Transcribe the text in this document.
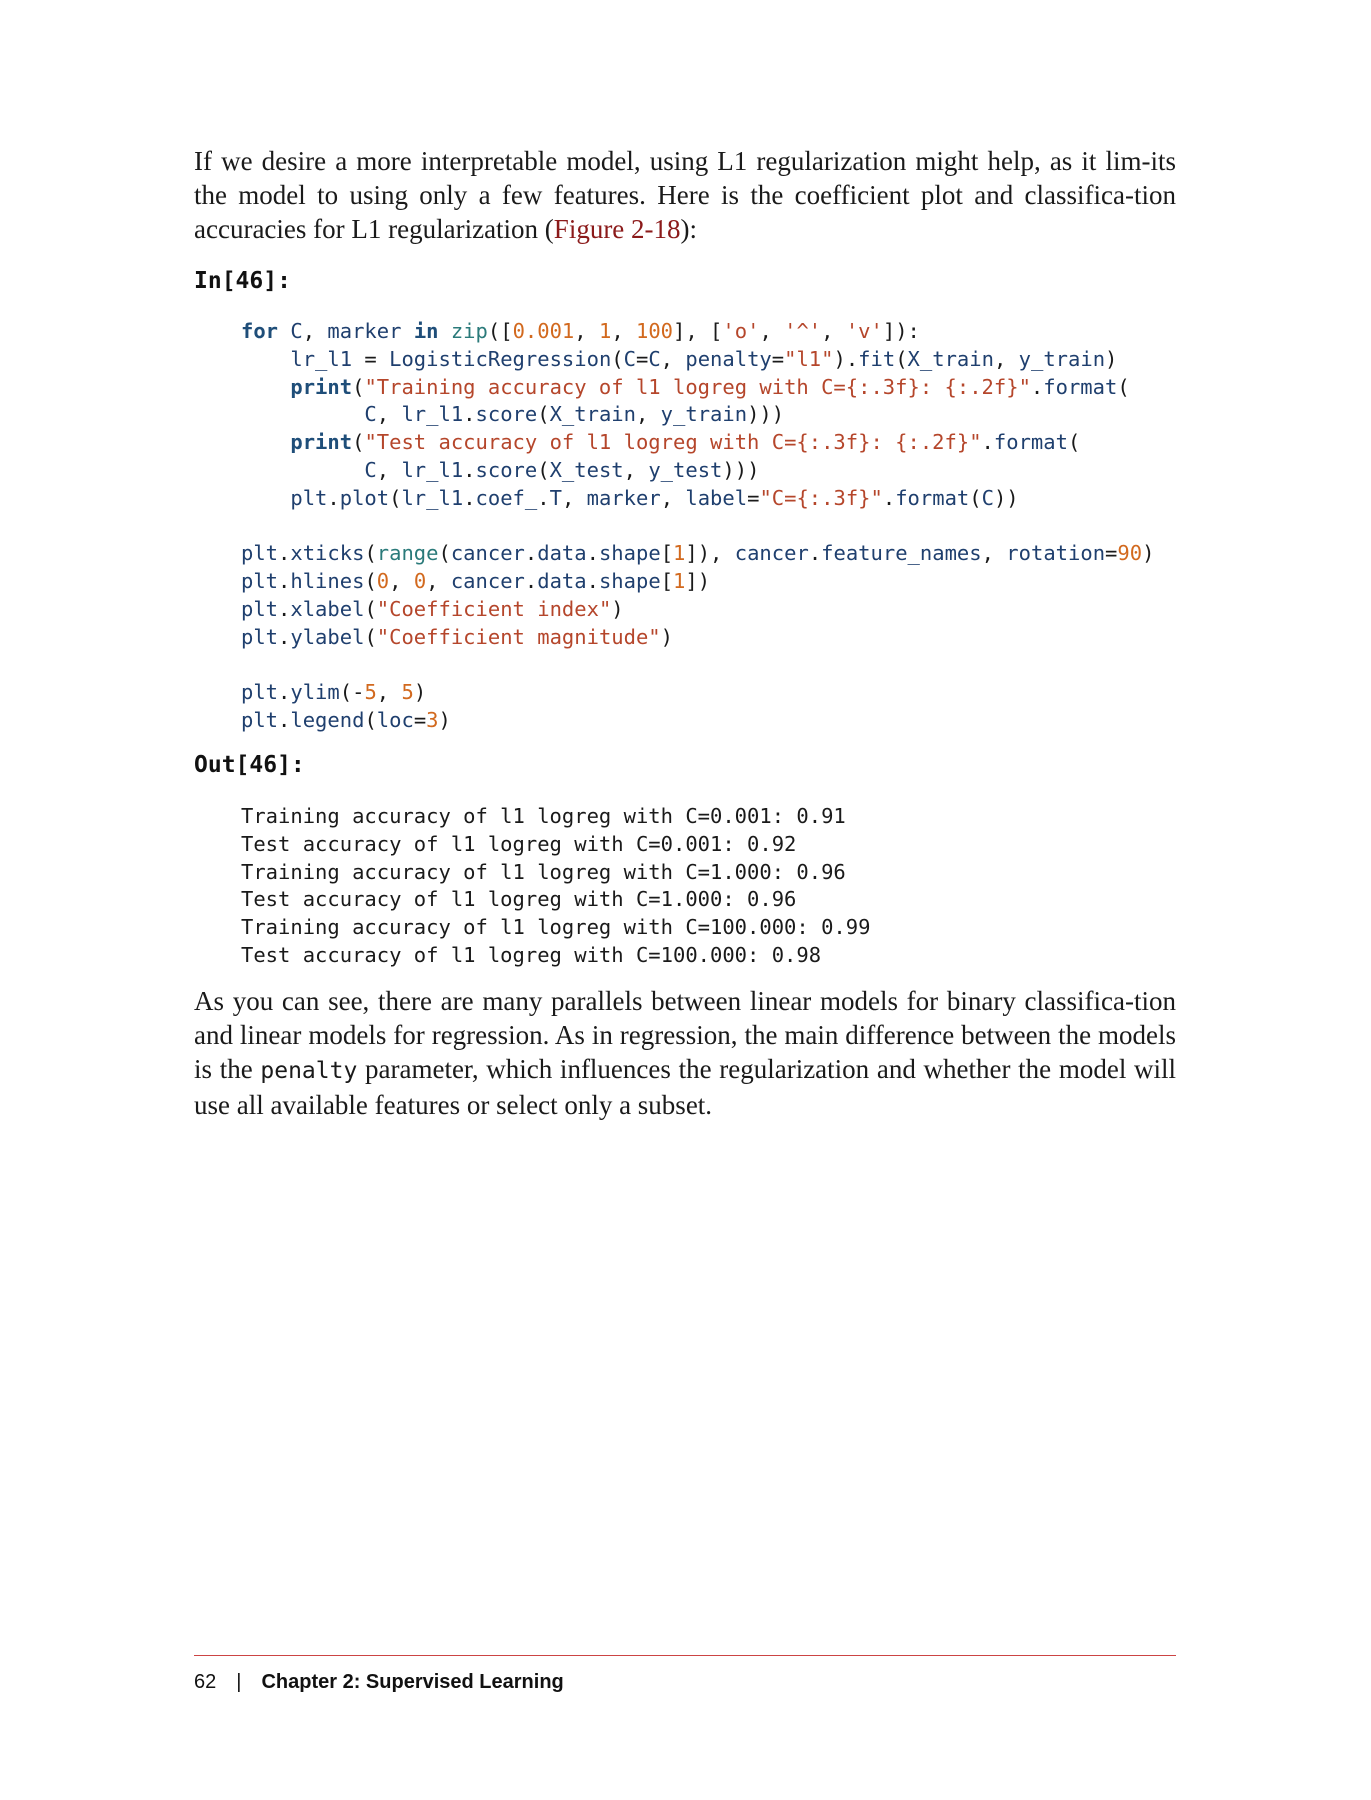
If we desire a more interpretable model, using L1 regularization might help, as it lim-its the model to using only a few features. Here is the coefficient plot and classifica-tion accuracies for L1 regularization (Figure 2-18):

In[46]:
for C, marker in zip([0.001, 1, 100], ['o', '^', 'v']):
lr_l1 = LogisticRegression(C=C, penalty="l1").fit(X_train, y_train)
print("Training accuracy of l1 logreg with C={:.3f}: {:.2f}".format(
C, lr_l1.score(X_train, y_train)))
print("Test accuracy of l1 logreg with C={:.3f}: {:.2f}".format(
C, lr_l1.score(X_test, y_test)))
plt.plot(lr_l1.coef_.T, marker, label="C={:.3f}".format(C))

plt.xticks(range(cancer.data.shape[1]), cancer.feature_names, rotation=90)
plt.hlines(0, 0, cancer.data.shape[1])
plt.xlabel("Coefficient index")
plt.ylabel("Coefficient magnitude")

plt.ylim(-5, 5)
plt.legend(loc=3)

Out[46]:
Training accuracy of l1 logreg with C=0.001: 0.91
Test accuracy of l1 logreg with C=0.001: 0.92
Training accuracy of l1 logreg with C=1.000: 0.96
Test accuracy of l1 logreg with C=1.000: 0.96
Training accuracy of l1 logreg with C=100.000: 0.99
Test accuracy of l1 logreg with C=100.000: 0.98

As you can see, there are many parallels between linear models for binary classifica-tion and linear models for regression. As in regression, the main difference between the models is the penalty parameter, which influences the regularization and whether the model will use all available features or select only a subset.

62 | Chapter 2: Supervised Learning
